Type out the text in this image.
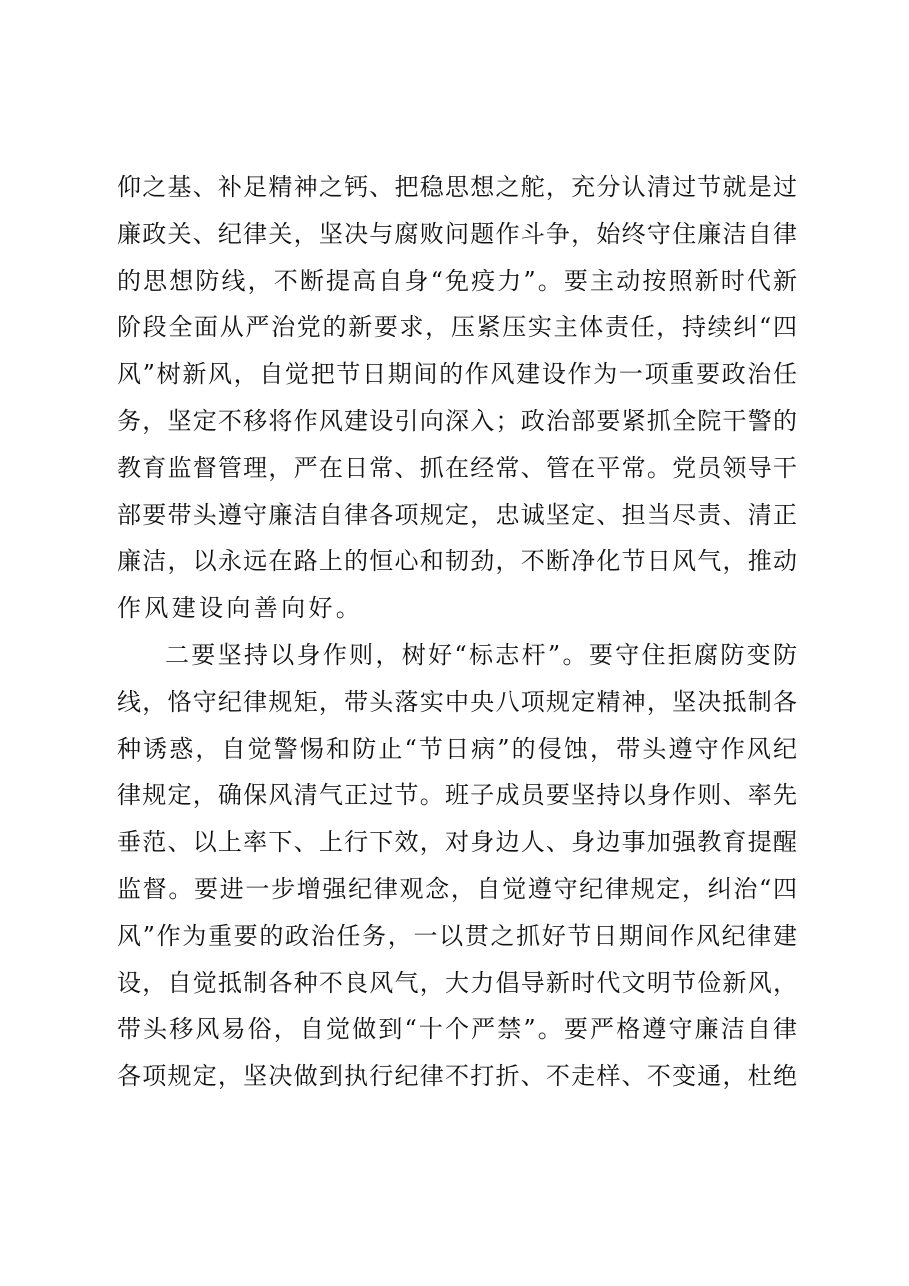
仰之基、补足精神之钙、把稳思想之舵，充分认清过节就是过
廉政关、纪律关，坚决与腐败问题作斗争，始终守住廉洁自律
的思想防线，不断提高自身“免疫力”。要主动按照新时代新
阶段全面从严治党的新要求，压紧压实主体责任，持续纠“四
风”树新风，自觉把节日期间的作风建设作为一项重要政治任
务，坚定不移将作风建设引向深入；政治部要紧抓全院干警的
教育监督管理，严在日常、抓在经常、管在平常。党员领导干
部要带头遵守廉洁自律各项规定，忠诚坚定、担当尽责、清正
廉洁，以永远在路上的恒心和韧劲，不断净化节日风气，推动
作风建设向善向好。
二要坚持以身作则，树好“标志杆”。要守住拒腐防变防
线，恪守纪律规矩，带头落实中央八项规定精神，坚决抵制各
种诱惑，自觉警惕和防止“节日病”的侵蚀，带头遵守作风纪
律规定，确保风清气正过节。班子成员要坚持以身作则、率先
垂范、以上率下、上行下效，对身边人、身边事加强教育提醒
监督。要进一步增强纪律观念，自觉遵守纪律规定，纠治“四
风”作为重要的政治任务，一以贯之抓好节日期间作风纪律建
设，自觉抵制各种不良风气，大力倡导新时代文明节俭新风，
带头移风易俗，自觉做到“十个严禁”。要严格遵守廉洁自律
各项规定，坚决做到执行纪律不打折、不走样、不变通，杜绝
